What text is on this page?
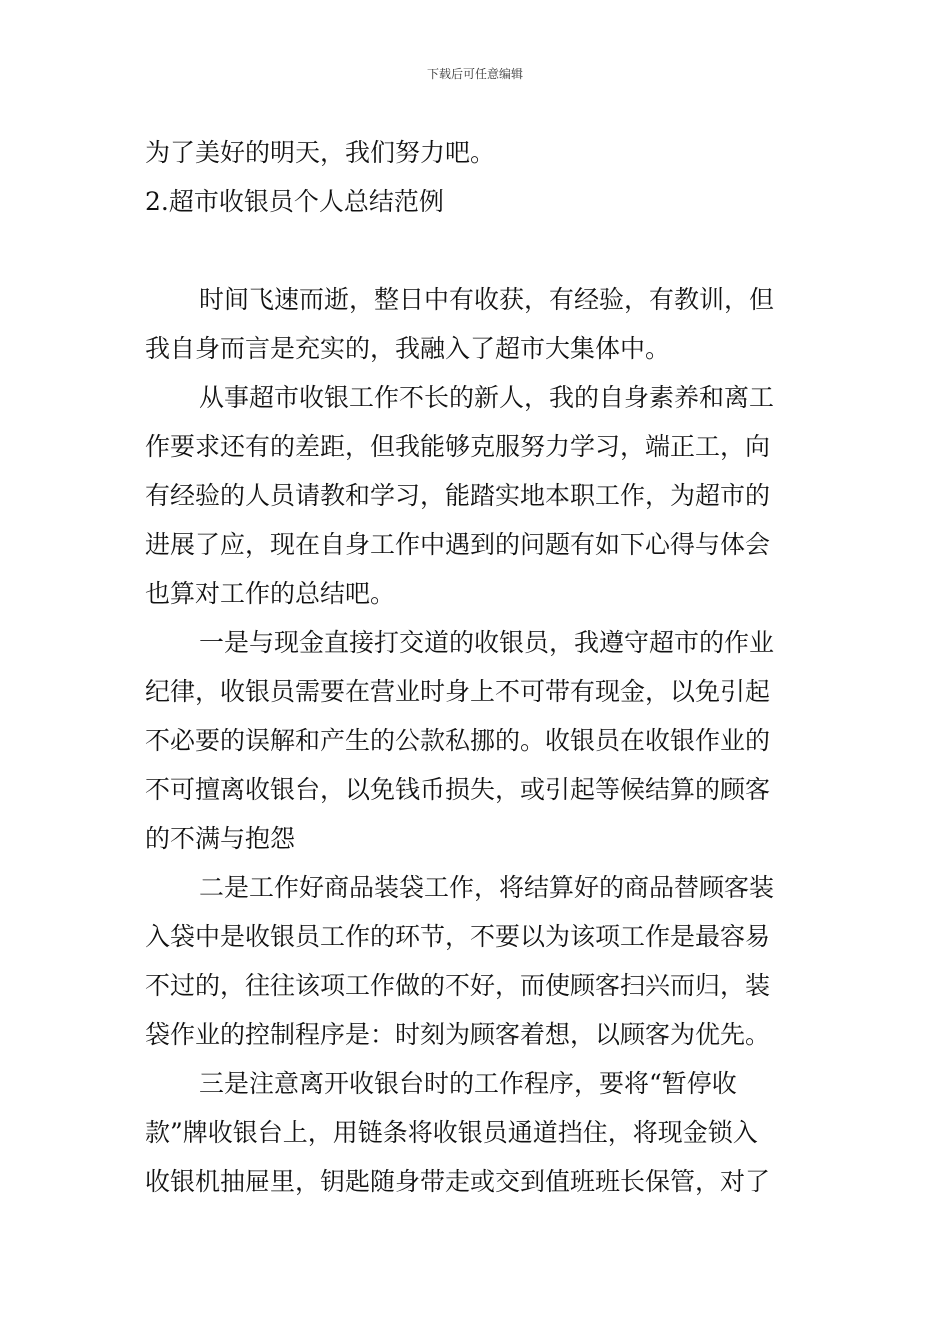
下载后可任意编辑
为了美好的明天，我们努力吧。
2.超市收银员个人总结范例
时间飞速而逝，整日中有收获，有经验，有教训，但
我自身而言是充实的，我融入了超市大集体中。
从事超市收银工作不长的新人，我的自身素养和离工
作要求还有的差距，但我能够克服努力学习，端正工，向
有经验的人员请教和学习，能踏实地本职工作，为超市的
进展了应，现在自身工作中遇到的问题有如下心得与体会
也算对工作的总结吧。
一是与现金直接打交道的收银员，我遵守超市的作业
纪律，收银员需要在营业时身上不可带有现金，以免引起
不必要的误解和产生的公款私挪的。收银员在收银作业的
不可擅离收银台，以免钱币损失，或引起等候结算的顾客
的不满与抱怨
二是工作好商品装袋工作，将结算好的商品替顾客装
入袋中是收银员工作的环节，不要以为该项工作是最容易
不过的，往往该项工作做的不好，而使顾客扫兴而归，装
袋作业的控制程序是：时刻为顾客着想，以顾客为优先。
三是注意离开收银台时的工作程序，要将“暂停收
款”牌收银台上，用链条将收银员通道挡住，将现金锁入
收银机抽屉里，钥匙随身带走或交到值班班长保管，对了
